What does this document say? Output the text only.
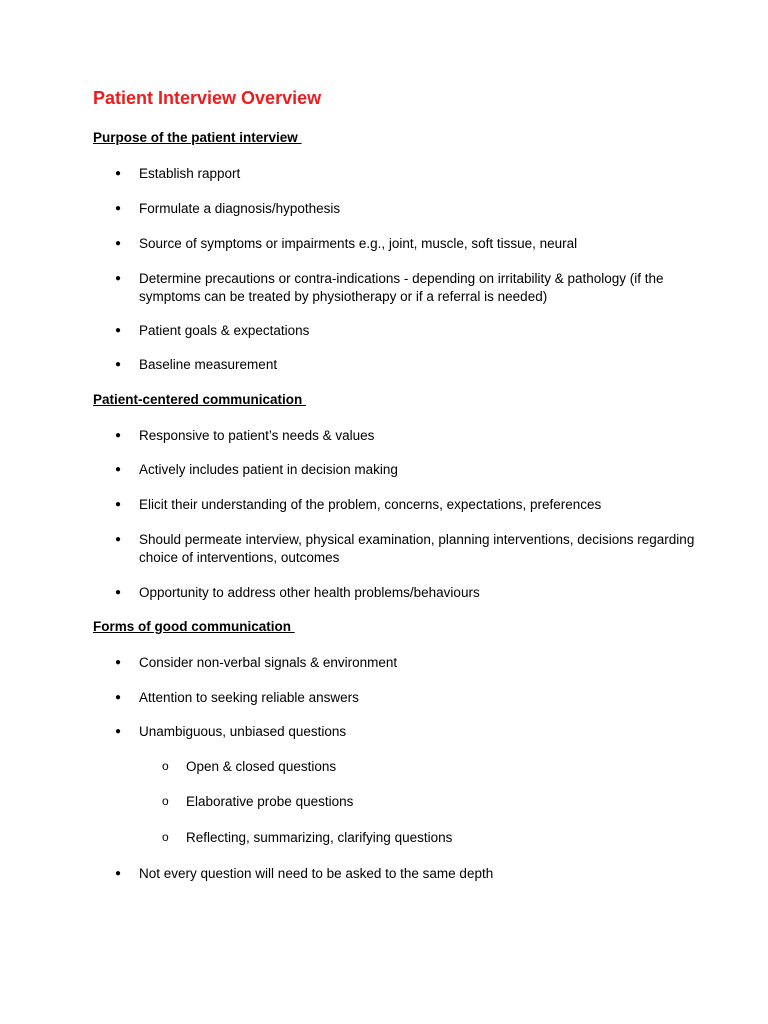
Patient Interview Overview
Purpose of the patient interview
● Establish rapport
● Formulate a diagnosis/hypothesis
● Source of symptoms or impairments e.g., joint, muscle, soft tissue, neural
● Determine precautions or contra-indications - depending on irritability & pathology (if the symptoms can be treated by physiotherapy or if a referral is needed)
● Patient goals & expectations
● Baseline measurement
Patient-centered communication
● Responsive to patient’s needs & values
● Actively includes patient in decision making
● Elicit their understanding of the problem, concerns, expectations, preferences
● Should permeate interview, physical examination, planning interventions, decisions regarding choice of interventions, outcomes
● Opportunity to address other health problems/behaviours
Forms of good communication
● Consider non-verbal signals & environment
● Attention to seeking reliable answers
● Unambiguous, unbiased questions
o Open & closed questions
o Elaborative probe questions
o Reflecting, summarizing, clarifying questions
● Not every question will need to be asked to the same depth
